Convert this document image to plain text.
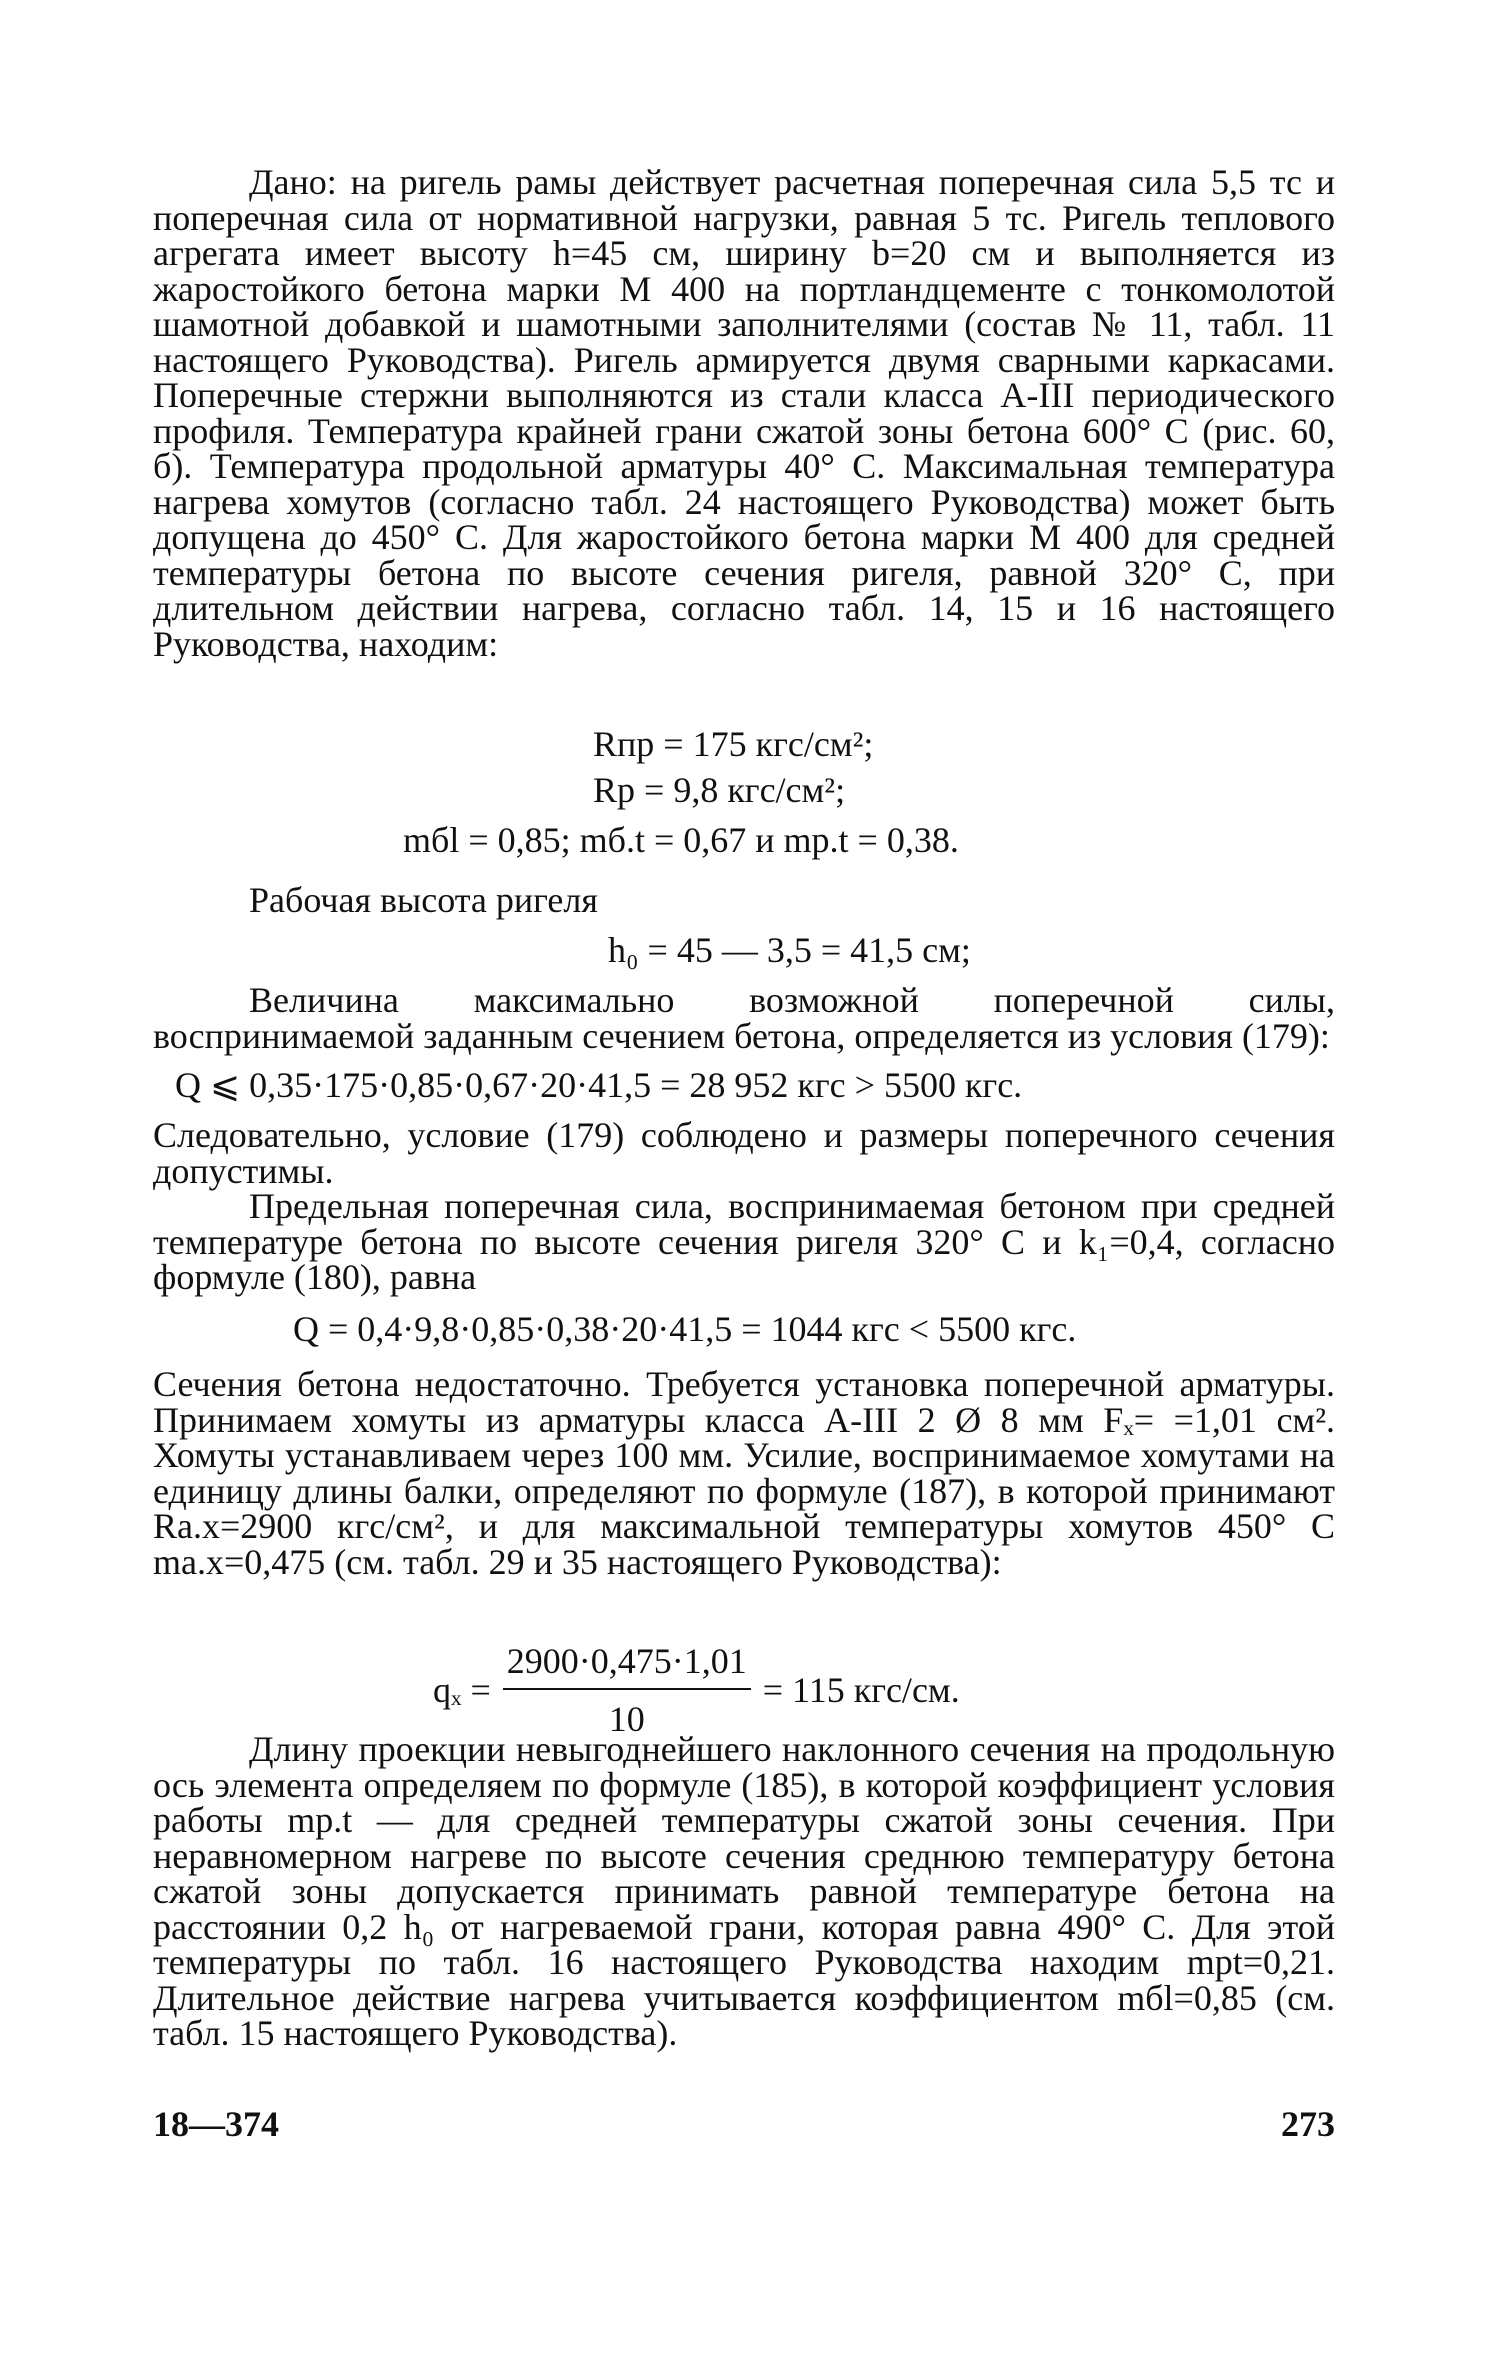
Дано: на ригель рамы действует расчетная поперечная сила 5,5 тс и поперечная сила от нормативной нагрузки, равная 5 тс. Ригель теплового агрегата имеет высоту h=45 см, ширину b=20 см и выполняется из жаростойкого бетона марки М 400 на портландцементе с тонкомолотой шамотной добавкой и шамотными заполнителями (состав № 11, табл. 11 настоящего Руководства). Ригель армируется двумя сварными каркасами. Поперечные стержни выполняются из стали класса А-III периодического профиля. Температура крайней грани сжатой зоны бетона 600° С (рис. 60, б). Температура продольной арматуры 40° С. Максимальная температура нагрева хомутов (согласно табл. 24 настоящего Руководства) может быть допущена до 450° С. Для жаростойкого бетона марки М 400 для средней температуры бетона по высоте сечения ригеля, равной 320° С, при длительном действии нагрева, согласно табл. 14, 15 и 16 настоящего Руководства, находим:

Rпр = 175 кгс/см²;
Rр = 9,8 кгс/см²;
mбl = 0,85; mб.t = 0,67 и mр.t = 0,38.
Рабочая высота ригеля
h₀ = 45 — 3,5 = 41,5 см;

Величина максимально возможной поперечной силы, воспринимаемой заданным сечением бетона, определяется из условия (179):

Q ⩽ 0,35·175·0,85·0,67·20·41,5 = 28 952 кгс > 5500 кгс.

Следовательно, условие (179) соблюдено и размеры поперечного сечения допустимы.

Предельная поперечная сила, воспринимаемая бетоном при средней температуре бетона по высоте сечения ригеля 320° С и k₁=0,4, согласно формуле (180), равна

Q = 0,4·9,8·0,85·0,38·20·41,5 = 1044 кгс < 5500 кгс.

Сечения бетона недостаточно. Требуется установка поперечной арматуры. Принимаем хомуты из арматуры класса А-III 2 Ø 8 мм Fₓ= =1,01 см². Хомуты устанавливаем через 100 мм. Усилие, воспринимаемое хомутами на единицу длины балки, определяют по формуле (187), в которой принимают Rа.х=2900 кгс/см², и для максимальной температуры хомутов 450° С mа.х=0,475 (см. табл. 29 и 35 настоящего Руководства):

$q_x = \frac{2900\cdot 0,475\cdot 1,01}{10} = 115$ кгс/см.

Длину проекции невыгоднейшего наклонного сечения на продольную ось элемента определяем по формуле (185), в которой коэффициент условия работы mр.t — для средней температуры сжатой зоны сечения. При неравномерном нагреве по высоте сечения среднюю температуру бетона сжатой зоны допускается принимать равной температуре бетона на расстоянии 0,2 h₀ от нагреваемой грани, которая равна 490° С. Для этой температуры по табл. 16 настоящего Руководства находим mрt=0,21. Длительное действие нагрева учитывается коэффициентом mбl=0,85 (см. табл. 15 настоящего Руководства).

18—374	273
